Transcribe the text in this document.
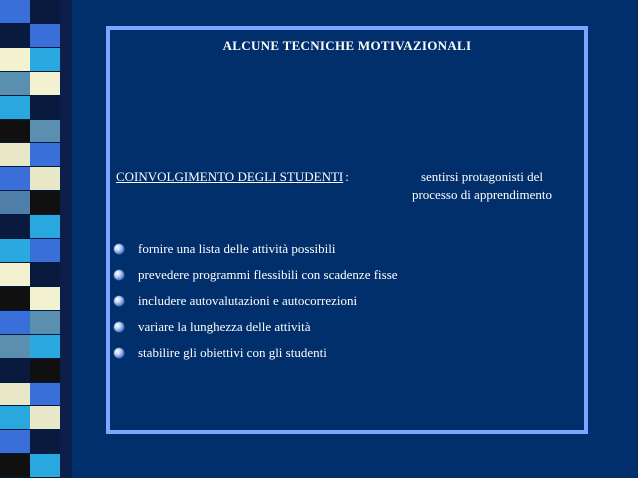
ALCUNE TECNICHE MOTIVAZIONALI
COINVOLGIMENTO DEGLI STUDENTI :	sentirsi protagonisti del
processo di apprendimento
fornire una lista delle attività possibili
prevedere programmi flessibili con scadenze fisse
includere autovalutazioni e autocorrezioni
variare la lunghezza delle attività
stabilire gli obiettivi con gli studenti
